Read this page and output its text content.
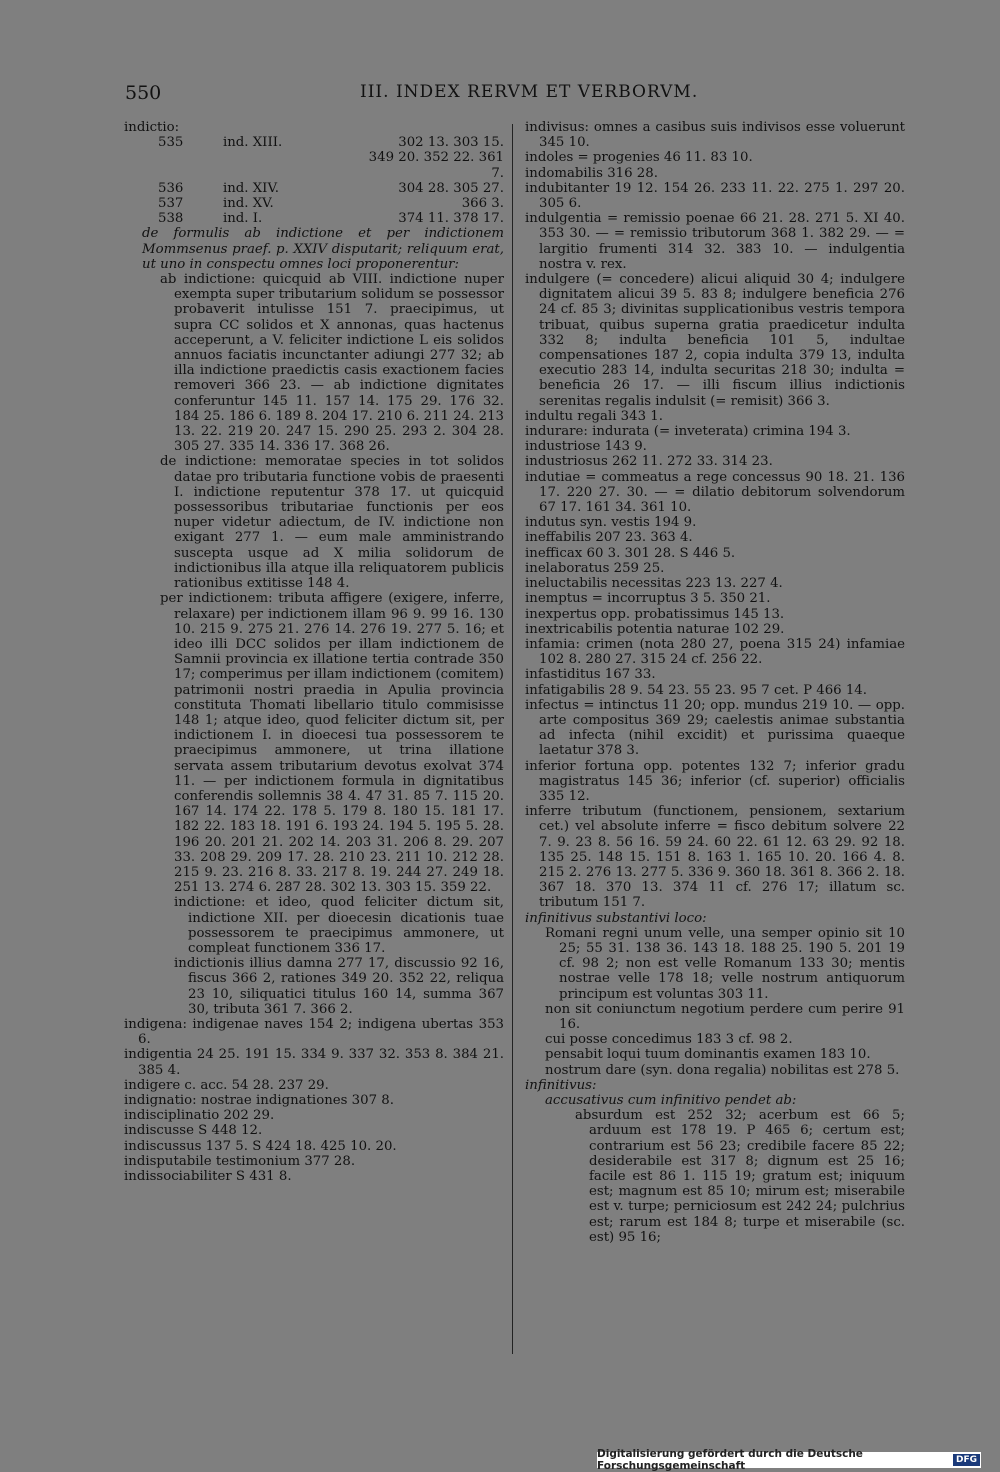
550	III. INDEX RERVM ET VERBORVM.

indictio:

535	ind. XIII.	302 13. 303 15.
		349 20. 352 22. 361 7.
536	ind. XIV.	304 28. 305 27.
537	ind. XV.	366 3.
538	ind. I.	374 11. 378 17.

de formulis ab indictione et per indictionem Mommsenus praef. p. XXIV disputarit; reliquum erat, ut uno in conspectu omnes loci proponerentur:

ab indictione: quicquid ab VIII. indictione nuper exempta super tributarium solidum se possessor probaverit intulisse 151 7. praecipimus, ut supra CC solidos et X annonas, quas hactenus acceperunt, a V. feliciter indictione L eis solidos annuos faciatis incunctanter adiungi 277 32; ab illa indictione praedictis casis exactionem facies removeri 366 23. — ab indictione dignitates conferuntur 145 11. 157 14. 175 29. 176 32. 184 25. 186 6. 189 8. 204 17. 210 6. 211 24. 213 13. 22. 219 20. 247 15. 290 25. 293 2. 304 28. 305 27. 335 14. 336 17. 368 26.

de indictione: memoratae species in tot solidos datae pro tributaria functione vobis de praesenti I. indictione reputentur 378 17. ut quicquid possessoribus tributariae functionis per eos nuper videtur adiectum, de IV. indictione non exigant 277 1. — eum male amministrando suscepta usque ad X milia solidorum de indictionibus illa atque illa reliquatorem publicis rationibus extitisse 148 4.

per indictionem: tributa affigere (exigere, inferre, relaxare) per indictionem illam 96 9. 99 16. 130 10. 215 9. 275 21. 276 14. 276 19. 277 5. 16; et ideo illi DCC solidos per illam indictionem de Samnii provincia ex illatione tertia contrade 350 17; comperimus per illam indictionem (comitem) patrimonii nostri praedia in Apulia provincia constituta Thomati libellario titulo commisisse 148 1; atque ideo, quod feliciter dictum sit, per indictionem I. in dioecesi tua possessorem te praecipimus ammonere, ut trina illatione servata assem tributarium devotus exolvat 374 11. — per indictionem formula in dignitatibus conferendis sollemnis 38 4. 47 31. 85 7. 115 20. 167 14. 174 22. 178 5. 179 8. 180 15. 181 17. 182 22. 183 18. 191 6. 193 24. 194 5. 195 5. 28. 196 20. 201 21. 202 14. 203 31. 206 8. 29. 207 33. 208 29. 209 17. 28. 210 23. 211 10. 212 28. 215 9. 23. 216 8. 33. 217 8. 19. 244 27. 249 18. 251 13. 274 6. 287 28. 302 13. 303 15. 359 22.

indictione: et ideo, quod feliciter dictum sit, indictione XII. per dioecesin dicationis tuae possessorem te praecipimus ammonere, ut compleat functionem 336 17.

indictionis illius damna 277 17, discussio 92 16, fiscus 366 2, rationes 349 20. 352 22, reliqua 23 10, siliquatici titulus 160 14, summa 367 30, tributa 361 7. 366 2.

indigena: indigenae naves 154 2; indigena ubertas 353 6.

indigentia 24 25. 191 15. 334 9. 337 32. 353 8. 384 21. 385 4.

indigere c. acc. 54 28. 237 29.

indignatio: nostrae indignationes 307 8.

indisciplinatio 202 29.

indiscusse S 448 12.

indiscussus 137 5. S 424 18. 425 10. 20.

indisputabile testimonium 377 28.

indissociabiliter S 431 8.

indivisus: omnes a casibus suis indivisos esse voluerunt 345 10.

indoles = progenies 46 11. 83 10.

indomabilis 316 28.

indubitanter 19 12. 154 26. 233 11. 22. 275 1. 297 20. 305 6.

indulgentia = remissio poenae 66 21. 28. 271 5. XI 40. 353 30. — = remissio tributorum 368 1. 382 29. — = largitio frumenti 314 32. 383 10. — indulgentia nostra v. rex.

indulgere (= concedere) alicui aliquid 30 4; indulgere dignitatem alicui 39 5. 83 8; indulgere beneficia 276 24 cf. 85 3; divinitas supplicationibus vestris tempora tribuat, quibus superna gratia praedicetur indulta 332 8; indulta beneficia 101 5, indultae compensationes 187 2, copia indulta 379 13, indulta executio 283 14, indulta securitas 218 30; indulta = beneficia 26 17. — illi fiscum illius indictionis serenitas regalis indulsit (= remisit) 366 3.

indultu regali 343 1.

indurare: indurata (= inveterata) crimina 194 3.

industriose 143 9.

industriosus 262 11. 272 33. 314 23.

indutiae = commeatus a rege concessus 90 18. 21. 136 17. 220 27. 30. — = dilatio debitorum solvendorum 67 17. 161 34. 361 10.

indutus syn. vestis 194 9.

ineffabilis 207 23. 363 4.

inefficax 60 3. 301 28. S 446 5.

inelaboratus 259 25.

ineluctabilis necessitas 223 13. 227 4.

inemptus = incorruptus 3 5. 350 21.

inexpertus opp. probatissimus 145 13.

inextricabilis potentia naturae 102 29.

infamia: crimen (nota 280 27, poena 315 24) infamiae 102 8. 280 27. 315 24 cf. 256 22.

infastiditus 167 33.

infatigabilis 28 9. 54 23. 55 23. 95 7 cet. P 466 14.

infectus = intinctus 11 20; opp. mundus 219 10. — opp. arte compositus 369 29; caelestis animae substantia ad infecta (nihil excidit) et purissima quaeque laetatur 378 3.

inferior fortuna opp. potentes 132 7; inferior gradu magistratus 145 36; inferior (cf. superior) officialis 335 12.

inferre tributum (functionem, pensionem, sextarium cet.) vel absolute inferre = fisco debitum solvere 22 7. 9. 23 8. 56 16. 59 24. 60 22. 61 12. 63 29. 92 18. 135 25. 148 15. 151 8. 163 1. 165 10. 20. 166 4. 8. 215 2. 276 13. 277 5. 336 9. 360 18. 361 8. 366 2. 18. 367 18. 370 13. 374 11 cf. 276 17; illatum sc. tributum 151 7.

infinitivus substantivi loco:

Romani regni unum velle, una semper opinio sit 10 25; 55 31. 138 36. 143 18. 188 25. 190 5. 201 19 cf. 98 2; non est velle Romanum 133 30; mentis nostrae velle 178 18; velle nostrum antiquorum principum est voluntas 303 11.

non sit coniunctum negotium perdere cum perire 91 16.

cui posse concedimus 183 3 cf. 98 2.

pensabit loqui tuum dominantis examen 183 10.

nostrum dare (syn. dona regalia) nobilitas est 278 5.

infinitivus:

accusativus cum infinitivo pendet ab:

absurdum est 252 32; acerbum est 66 5; arduum est 178 19. P 465 6; certum est; contrarium est 56 23; credibile facere 85 22; desiderabile est 317 8; dignum est 25 16; facile est 86 1. 115 19; gratum est; iniquum est; magnum est 85 10; mirum est; miserabile est v. turpe; perniciosum est 242 24; pulchrius est; rarum est 184 8; turpe et miserabile (sc. est) 95 16;

Digitalisierung gefördert durch die Deutsche Forschungsgemeinschaft	DFG
